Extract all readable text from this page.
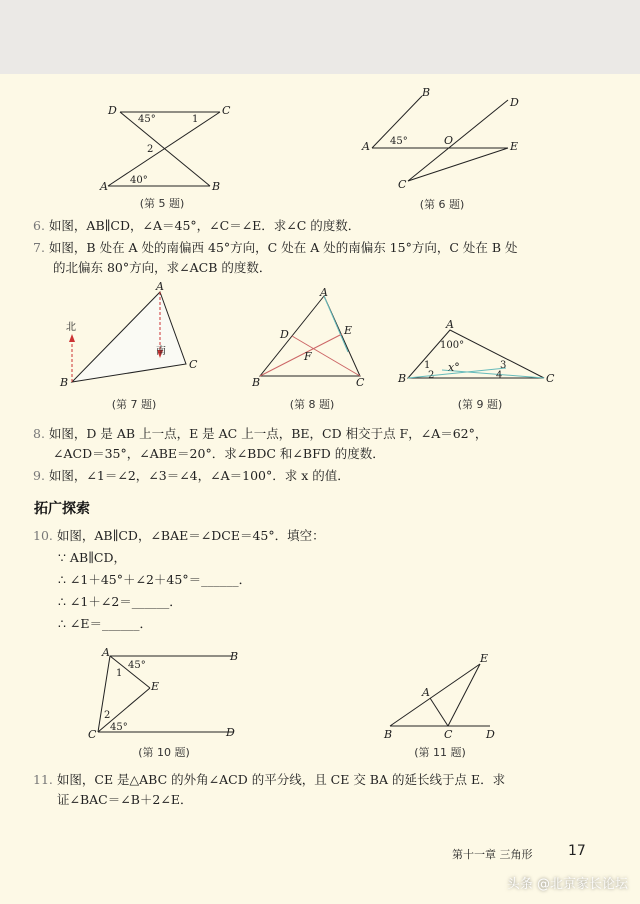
D	C
A	B
45°	1
2
40°
(第 5 题)
B
D
A	E
O
C
45°
(第 6 题)
6. 如图，AB∥CD，∠A＝45°，∠C＝∠E．求∠C 的度数．
7. 如图，B 处在 A 处的南偏西 45°方向，C 处在 A 处的南偏东 15°方向，C 处在 B 处
的北偏东 80°方向，求∠ACB 的度数．
A
B
C
北
南
(第 7 题)
A
D	E
F
B	C
(第 8 题)
A
B	C
100°
1
2
3
4
x°
(第 9 题)
8. 如图，D 是 AB 上一点，E 是 AC 上一点，BE，CD 相交于点 F，∠A＝62°，
∠ACD＝35°，∠ABE＝20°．求∠BDC 和∠BFD 的度数．
9. 如图，∠1＝∠2，∠3＝∠4，∠A＝100°．求 x 的值．
拓广探索
10. 如图，AB∥CD，∠BAE＝∠DCE＝45°．填空：
∵ AB∥CD，
∴ ∠1＋45°＋∠2＋45°＝______．
∴ ∠1＋∠2＝______．
∴ ∠E＝______．
A	B
C	D
E
45°
1
2
45°
(第 10 题)
E
A
B	C	D
(第 11 题)
11. 如图，CE 是△ABC 的外角∠ACD 的平分线，且 CE 交 BA 的延长线于点 E．求
证∠BAC＝∠B＋2∠E．
第十一章 三角形	17
头条 @北京家长论坛
